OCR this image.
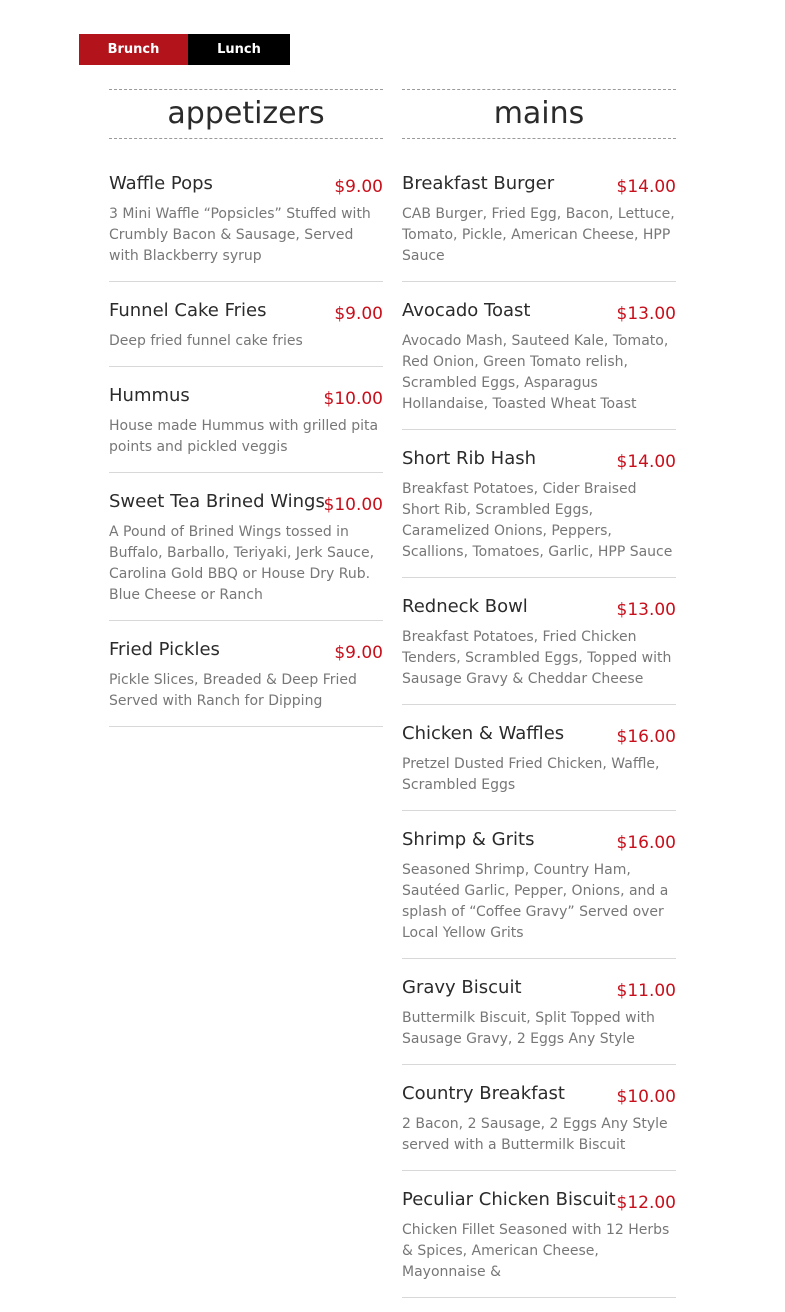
Brunch	Lunch
appetizers
Waffle Pops	$9.00
3 Mini Waffle “Popsicles” Stuffed with Crumbly Bacon & Sausage, Served with Blackberry syrup
Funnel Cake Fries	$9.00
Deep fried funnel cake fries
Hummus	$10.00
House made Hummus with grilled pita points and pickled veggis
Sweet Tea Brined Wings
$10.00
A Pound of Brined Wings tossed in Buffalo, Barballo, Teriyaki, Jerk Sauce, Carolina Gold BBQ or House Dry Rub. Blue Cheese or Ranch
Fried Pickles	$9.00
Pickle Slices, Breaded & Deep Fried Served with Ranch for Dipping
mains
Breakfast Burger	$14.00
CAB Burger, Fried Egg, Bacon, Lettuce, Tomato, Pickle, American Cheese, HPP Sauce
Avocado Toast	$13.00
Avocado Mash, Sauteed Kale, Tomato, Red Onion, Green Tomato relish, Scrambled Eggs, Asparagus Hollandaise, Toasted Wheat Toast
Short Rib Hash	$14.00
Breakfast Potatoes, Cider Braised Short Rib, Scrambled Eggs, Caramelized Onions, Peppers, Scallions, Tomatoes, Garlic, HPP Sauce
Redneck Bowl	$13.00
Breakfast Potatoes, Fried Chicken Tenders, Scrambled Eggs, Topped with Sausage Gravy & Cheddar Cheese
Chicken & Waffles	$16.00
Pretzel Dusted Fried Chicken, Waffle, Scrambled Eggs
Shrimp & Grits	$16.00
Seasoned Shrimp, Country Ham, Sautéed Garlic, Pepper, Onions, and a splash of “Coffee Gravy” Served over Local Yellow Grits
Gravy Biscuit	$11.00
Buttermilk Biscuit, Split Topped with Sausage Gravy, 2 Eggs Any Style
Country Breakfast	$10.00
2 Bacon, 2 Sausage, 2 Eggs Any Style served with a Buttermilk Biscuit
Peculiar Chicken Biscuit $12.00
Chicken Fillet Seasoned with 12 Herbs & Spices, American Cheese, Mayonnaise &
